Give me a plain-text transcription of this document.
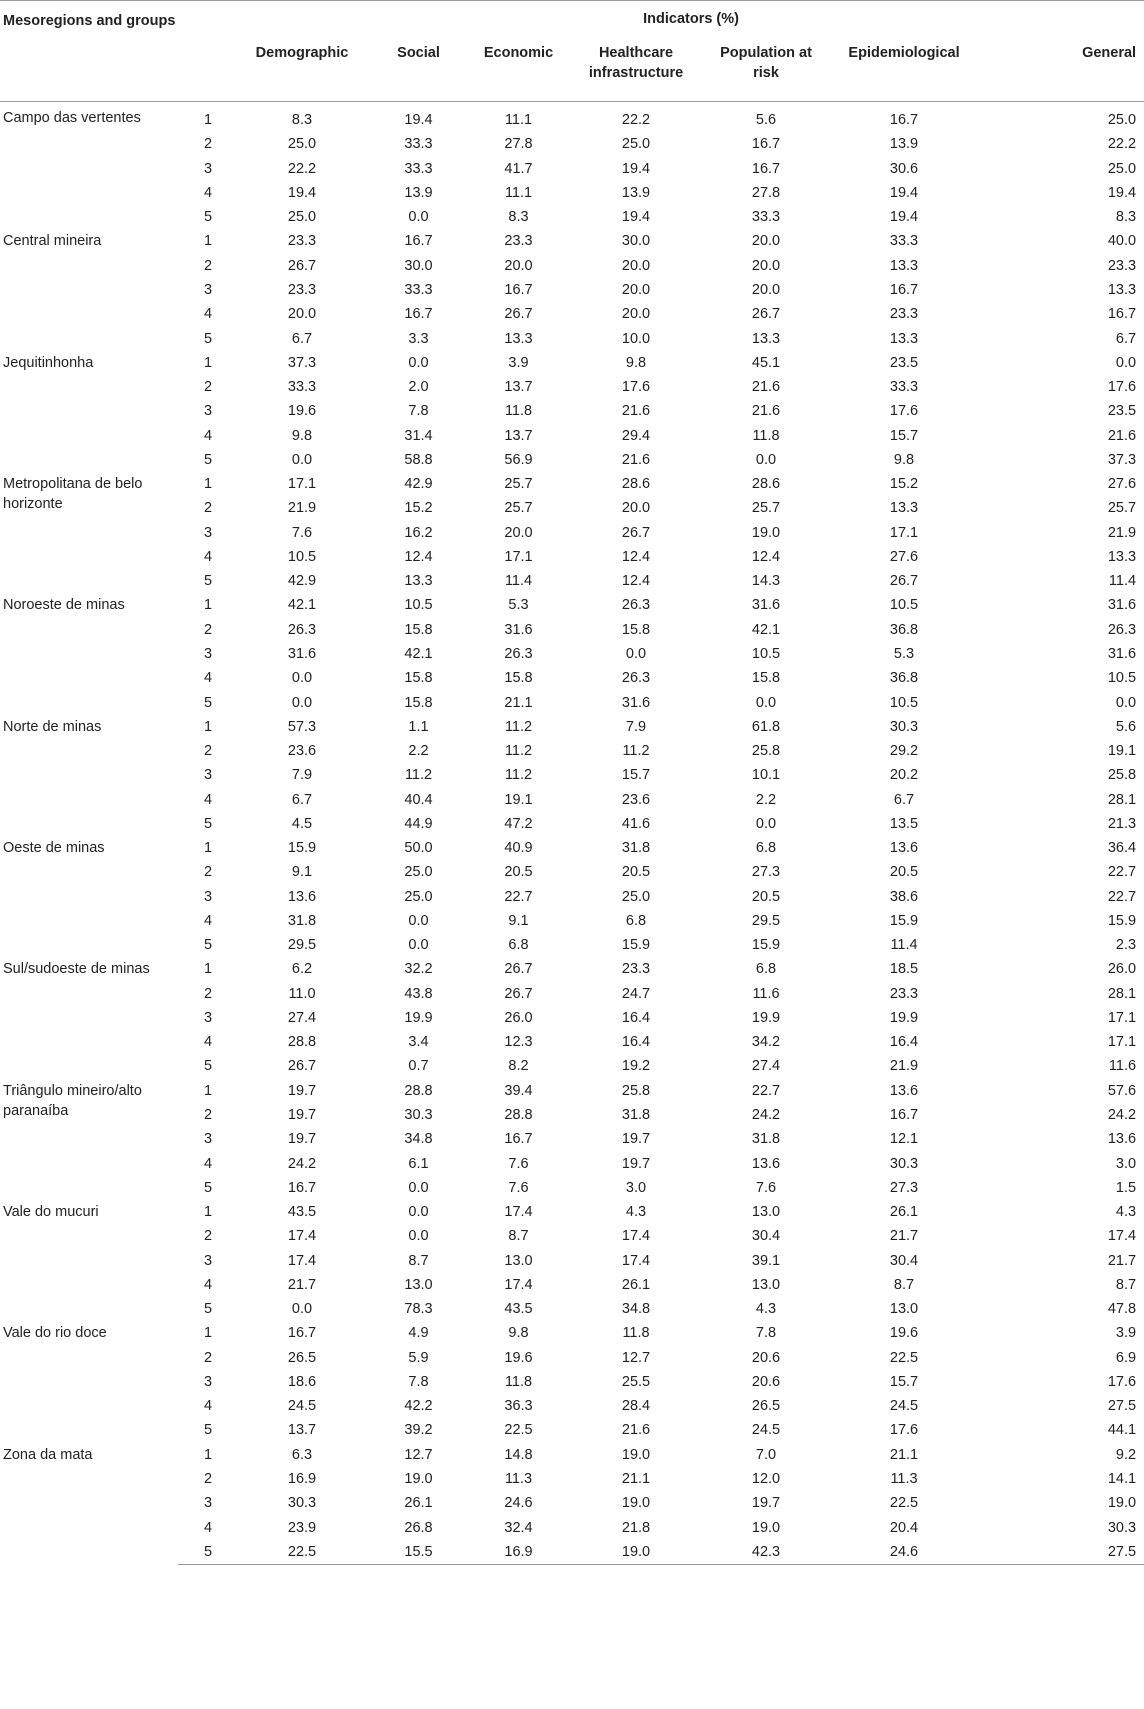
Mesoregions and groups		Indicators (%)						
		Demographic	Social	Economic	Healthcare infrastructure	Population at risk	Epidemiological	General
Campo das vertentes	1	8.3	19.4	11.1	22.2	5.6	16.7	25.0
	2	25.0	33.3	27.8	25.0	16.7	13.9	22.2
	3	22.2	33.3	41.7	19.4	16.7	30.6	25.0
	4	19.4	13.9	11.1	13.9	27.8	19.4	19.4
	5	25.0	0.0	8.3	19.4	33.3	19.4	8.3
Central mineira	1	23.3	16.7	23.3	30.0	20.0	33.3	40.0
	2	26.7	30.0	20.0	20.0	20.0	13.3	23.3
	3	23.3	33.3	16.7	20.0	20.0	16.7	13.3
	4	20.0	16.7	26.7	20.0	26.7	23.3	16.7
	5	6.7	3.3	13.3	10.0	13.3	13.3	6.7
Jequitinhonha	1	37.3	0.0	3.9	9.8	45.1	23.5	0.0
	2	33.3	2.0	13.7	17.6	21.6	33.3	17.6
	3	19.6	7.8	11.8	21.6	21.6	17.6	23.5
	4	9.8	31.4	13.7	29.4	11.8	15.7	21.6
	5	0.0	58.8	56.9	21.6	0.0	9.8	37.3
Metropolitana de belo horizonte	1	17.1	42.9	25.7	28.6	28.6	15.2	27.6
	2	21.9	15.2	25.7	20.0	25.7	13.3	25.7
	3	7.6	16.2	20.0	26.7	19.0	17.1	21.9
	4	10.5	12.4	17.1	12.4	12.4	27.6	13.3
	5	42.9	13.3	11.4	12.4	14.3	26.7	11.4
Noroeste de minas	1	42.1	10.5	5.3	26.3	31.6	10.5	31.6
	2	26.3	15.8	31.6	15.8	42.1	36.8	26.3
	3	31.6	42.1	26.3	0.0	10.5	5.3	31.6
	4	0.0	15.8	15.8	26.3	15.8	36.8	10.5
	5	0.0	15.8	21.1	31.6	0.0	10.5	0.0
Norte de minas	1	57.3	1.1	11.2	7.9	61.8	30.3	5.6
	2	23.6	2.2	11.2	11.2	25.8	29.2	19.1
	3	7.9	11.2	11.2	15.7	10.1	20.2	25.8
	4	6.7	40.4	19.1	23.6	2.2	6.7	28.1
	5	4.5	44.9	47.2	41.6	0.0	13.5	21.3
Oeste de minas	1	15.9	50.0	40.9	31.8	6.8	13.6	36.4
	2	9.1	25.0	20.5	20.5	27.3	20.5	22.7
	3	13.6	25.0	22.7	25.0	20.5	38.6	22.7
	4	31.8	0.0	9.1	6.8	29.5	15.9	15.9
	5	29.5	0.0	6.8	15.9	15.9	11.4	2.3
Sul/sudoeste de minas	1	6.2	32.2	26.7	23.3	6.8	18.5	26.0
	2	11.0	43.8	26.7	24.7	11.6	23.3	28.1
	3	27.4	19.9	26.0	16.4	19.9	19.9	17.1
	4	28.8	3.4	12.3	16.4	34.2	16.4	17.1
	5	26.7	0.7	8.2	19.2	27.4	21.9	11.6
Triângulo mineiro/alto paranaíba	1	19.7	28.8	39.4	25.8	22.7	13.6	57.6
	2	19.7	30.3	28.8	31.8	24.2	16.7	24.2
	3	19.7	34.8	16.7	19.7	31.8	12.1	13.6
	4	24.2	6.1	7.6	19.7	13.6	30.3	3.0
	5	16.7	0.0	7.6	3.0	7.6	27.3	1.5
Vale do mucuri	1	43.5	0.0	17.4	4.3	13.0	26.1	4.3
	2	17.4	0.0	8.7	17.4	30.4	21.7	17.4
	3	17.4	8.7	13.0	17.4	39.1	30.4	21.7
	4	21.7	13.0	17.4	26.1	13.0	8.7	8.7
	5	0.0	78.3	43.5	34.8	4.3	13.0	47.8
Vale do rio doce	1	16.7	4.9	9.8	11.8	7.8	19.6	3.9
	2	26.5	5.9	19.6	12.7	20.6	22.5	6.9
	3	18.6	7.8	11.8	25.5	20.6	15.7	17.6
	4	24.5	42.2	36.3	28.4	26.5	24.5	27.5
	5	13.7	39.2	22.5	21.6	24.5	17.6	44.1
Zona da mata	1	6.3	12.7	14.8	19.0	7.0	21.1	9.2
	2	16.9	19.0	11.3	21.1	12.0	11.3	14.1
	3	30.3	26.1	24.6	19.0	19.7	22.5	19.0
	4	23.9	26.8	32.4	21.8	19.0	20.4	30.3
	5	22.5	15.5	16.9	19.0	42.3	24.6	27.5
